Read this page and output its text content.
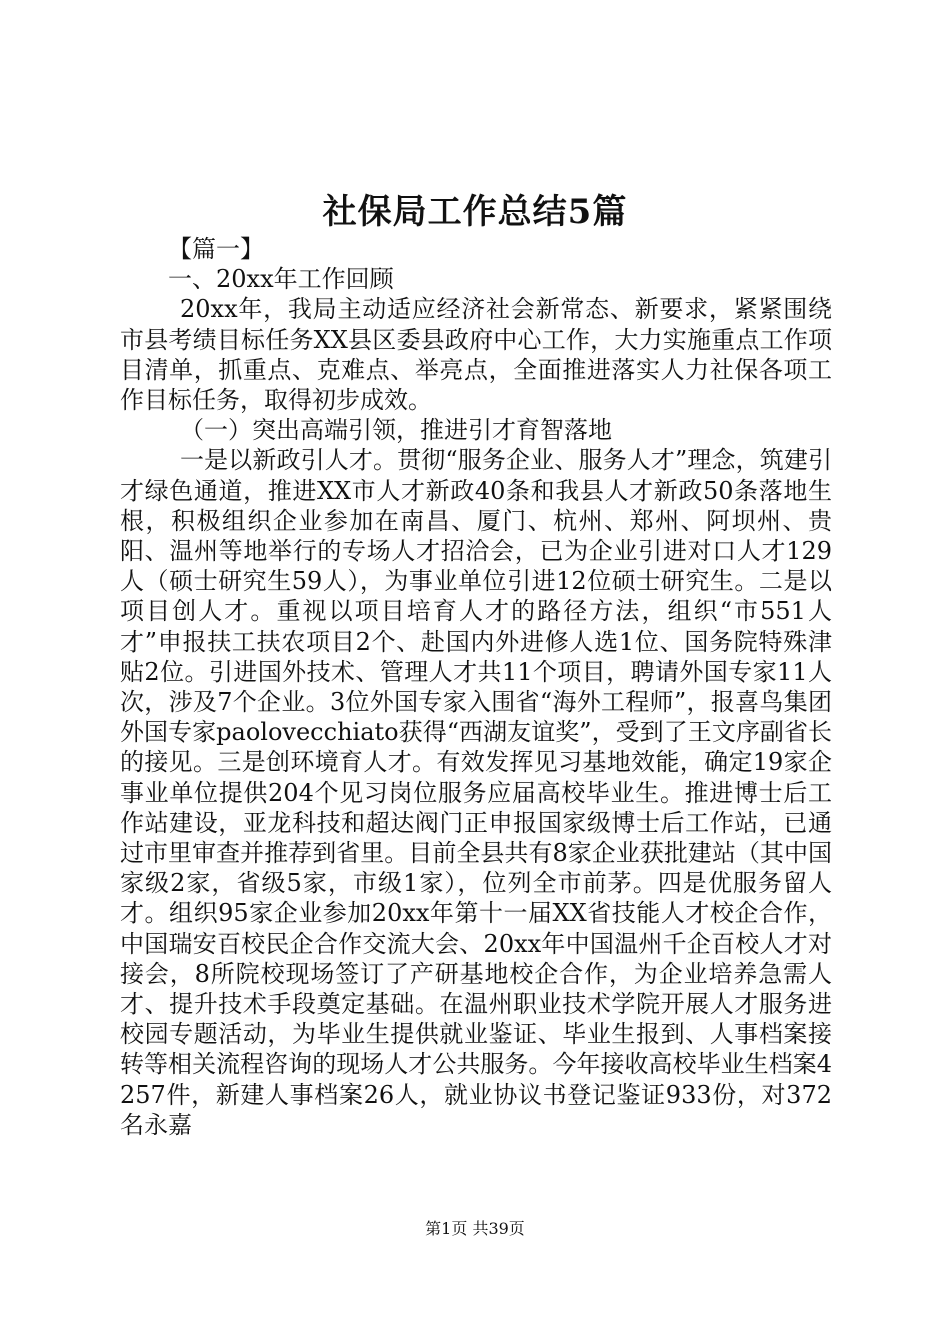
社保局工作总结5篇

【篇一】

一、20xx年工作回顾

20xx年，我局主动适应经济社会新常态、新要求，紧紧围绕市县考绩目标任务XX县区委县政府中心工作，大力实施重点工作项目清单，抓重点、克难点、举亮点，全面推进落实人力社保各项工作目标任务，取得初步成效。

（一）突出高端引领，推进引才育智落地

一是以新政引人才。贯彻“服务企业、服务人才”理念，筑建引才绿色通道，推进XX市人才新政40条和我县人才新政50条落地生根，积极组织企业参加在南昌、厦门、杭州、郑州、阿坝州、贵阳、温州等地举行的专场人才招洽会，已为企业引进对口人才129人（硕士研究生59人），为事业单位引进12位硕士研究生。二是以项目创人才。重视以项目培育人才的路径方法，组织“市551人才”申报扶工扶农项目2个、赴国内外进修人选1位、国务院特殊津贴2位。引进国外技术、管理人才共11个项目，聘请外国专家11人次，涉及7个企业。3位外国专家入围省“海外工程师”，报喜鸟集团外国专家paolovecchiato获得“西湖友谊奖”，受到了王文序副省长的接见。三是创环境育人才。有效发挥见习基地效能，确定19家企事业单位提供204个见习岗位服务应届高校毕业生。推进博士后工作站建设，亚龙科技和超达阀门正申报国家级博士后工作站，已通过市里审查并推荐到省里。目前全县共有8家企业获批建站（其中国家级2家，省级5家，市级1家），位列全市前茅。四是优服务留人才。组织95家企业参加20xx年第十一届XX省技能人才校企合作，中国瑞安百校民企合作交流大会、20xx年中国温州千企百校人才对接会，8所院校现场签订了产研基地校企合作，为企业培养急需人才、提升技术手段奠定基础。在温州职业技术学院开展人才服务进校园专题活动，为毕业生提供就业鉴证、毕业生报到、人事档案接转等相关流程咨询的现场人才公共服务。今年接收高校毕业生档案4257件，新建人事档案26人，就业协议书登记鉴证933份，对372名永嘉

第1页 共39页
